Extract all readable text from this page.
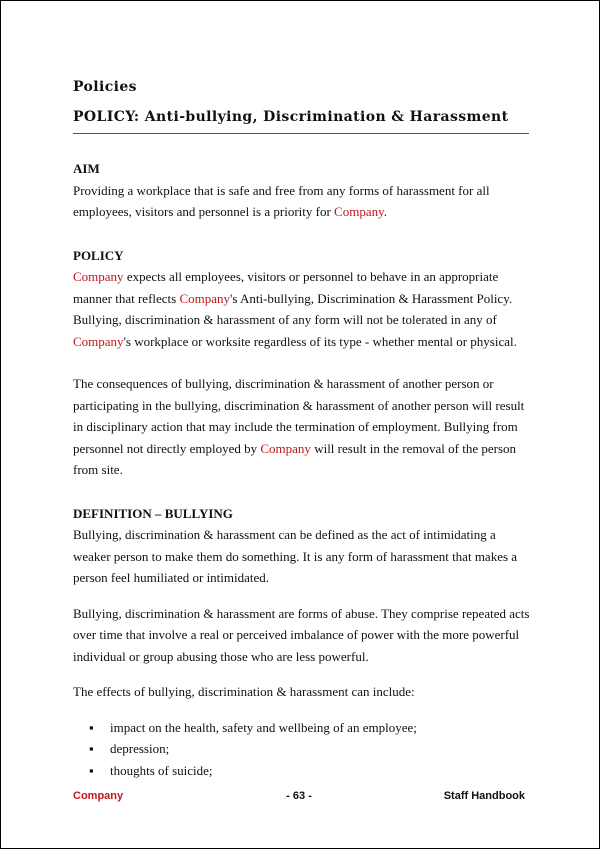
Policies
POLICY: Anti-bullying, Discrimination & Harassment
AIM

Providing a workplace that is safe and free from any forms of harassment for all employees, visitors and personnel is a priority for Company.

POLICY

Company expects all employees, visitors or personnel to behave in an appropriate manner that reflects Company's Anti-bullying, Discrimination & Harassment Policy. Bullying, discrimination & harassment of any form will not be tolerated in any of Company's workplace or worksite regardless of its type - whether mental or physical.

The consequences of bullying, discrimination & harassment of another person or participating in the bullying, discrimination & harassment of another person will result in disciplinary action that may include the termination of employment. Bullying from personnel not directly employed by Company will result in the removal of the person from site.

DEFINITION – BULLYING

Bullying, discrimination & harassment can be defined as the act of intimidating a weaker person to make them do something. It is any form of harassment that makes a person feel humiliated or intimidated.

Bullying, discrimination & harassment are forms of abuse. They comprise repeated acts over time that involve a real or perceived imbalance of power with the more powerful individual or group abusing those who are less powerful.

The effects of bullying, discrimination & harassment can include:

▪ impact on the health, safety and wellbeing of an employee;
▪ depression;
▪ thoughts of suicide;
Company	- 63 -	Staff Handbook
